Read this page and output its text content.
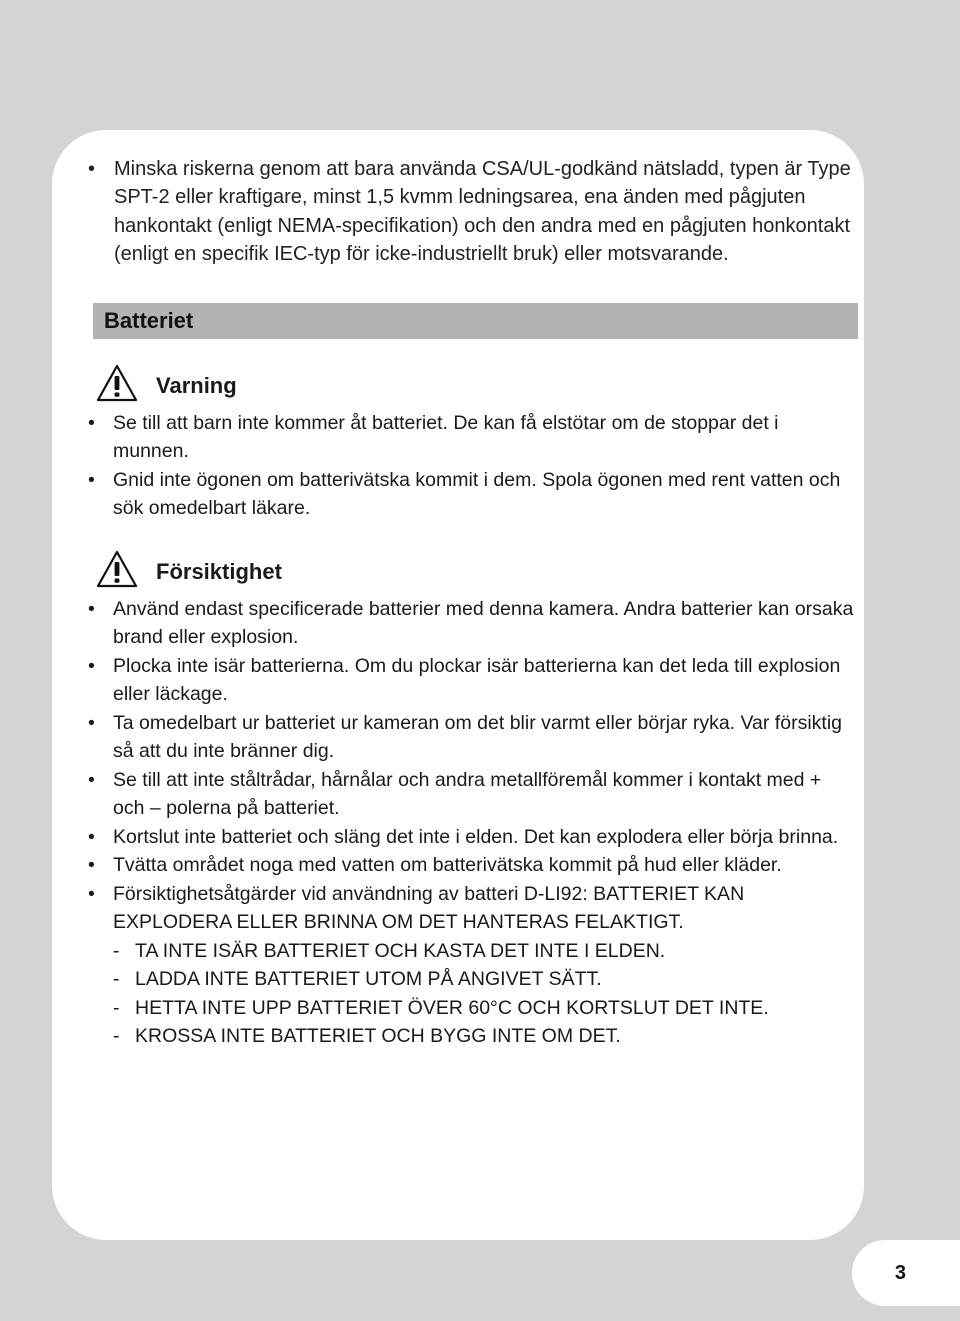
• Minska riskerna genom att bara använda CSA/UL-godkänd nätsladd, typen är Type SPT-2 eller kraftigare, minst 1,5 kvmm ledningsarea, ena änden med pågjuten hankontakt (enligt NEMA-specifikation) och den andra med en pågjuten honkontakt (enligt en specifik IEC-typ för icke-industriellt bruk) eller motsvarande.
Batteriet
Varning
• Se till att barn inte kommer åt batteriet. De kan få elstötar om de stoppar det i munnen.
• Gnid inte ögonen om batterivätska kommit i dem. Spola ögonen med rent vatten och sök omedelbart läkare.
Försiktighet
• Använd endast specificerade batterier med denna kamera. Andra batterier kan orsaka brand eller explosion.
• Plocka inte isär batterierna. Om du plockar isär batterierna kan det leda till explosion eller läckage.
• Ta omedelbart ur batteriet ur kameran om det blir varmt eller börjar ryka. Var försiktig så att du inte bränner dig.
• Se till att inte ståltrådar, hårnålar och andra metallföremål kommer i kontakt med + och – polerna på batteriet.
• Kortslut inte batteriet och släng det inte i elden. Det kan explodera eller börja brinna.
• Tvätta området noga med vatten om batterivätska kommit på hud eller kläder.
• Försiktighetsåtgärder vid användning av batteri D-LI92: BATTERIET KAN EXPLODERA ELLER BRINNA OM DET HANTERAS FELAKTIGT.
- TA INTE ISÄR BATTERIET OCH KASTA DET INTE I ELDEN.
- LADDA INTE BATTERIET UTOM PÅ ANGIVET SÄTT.
- HETTA INTE UPP BATTERIET ÖVER 60°C OCH KORTSLUT DET INTE.
- KROSSA INTE BATTERIET OCH BYGG INTE OM DET.
3
